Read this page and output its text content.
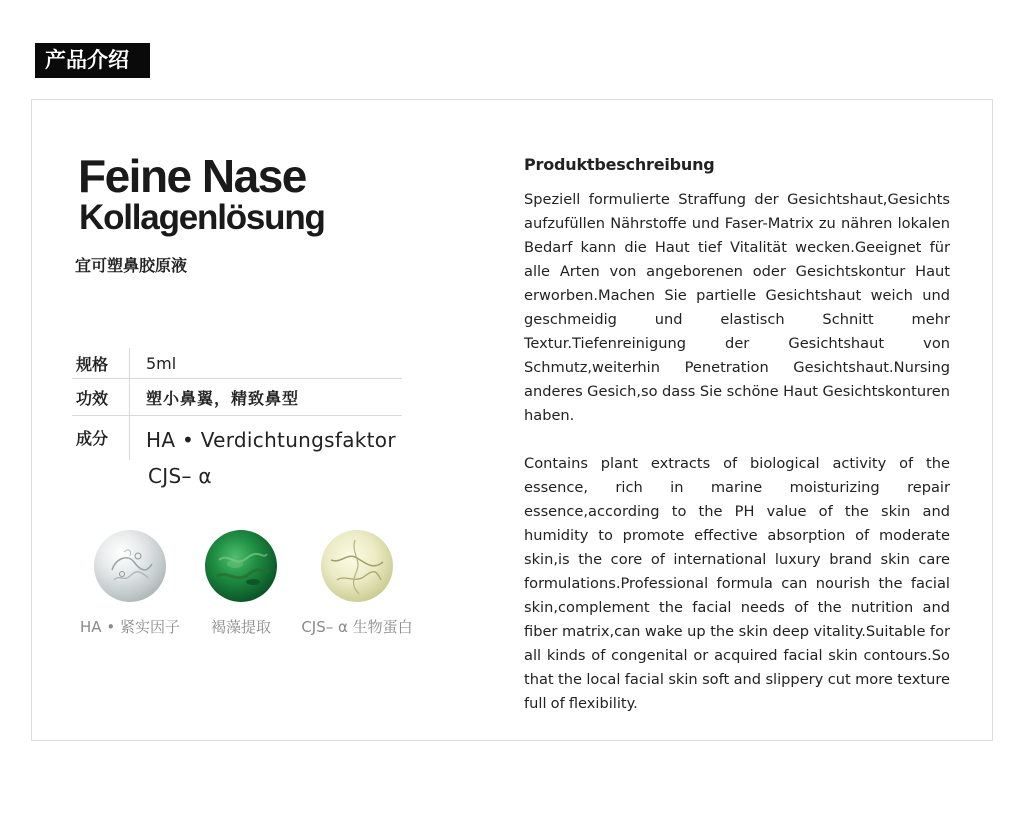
产品介绍
Feine Nase
Kollagenlösung
宜可塑鼻胶原液
规格	5ml
功效	塑小鼻翼，精致鼻型
成分	HA • Verdichtungsfaktor
CJS– α
HA • 紧实因子	褐藻提取	CJS– α 生物蛋白
Produktbeschreibung

Speziell formulierte Straffung der Gesichtshaut,Gesichts aufzufüllen Nährstoffe und Faser-Matrix zu nähren lokalen Bedarf kann die Haut tief Vitalität wecken.Geeignet für alle Arten von angeborenen oder Gesichtskontur Haut erworben.Machen Sie partielle Gesichtshaut weich und geschmeidig und elastisch Schnitt mehr Textur.Tiefenreinigung der Gesichtshaut von Schmutz,weiterhin Penetration Gesichtshaut.Nursing anderes Gesich,so dass Sie schöne Haut Gesichtskonturen haben.

Contains plant extracts of biological activity of the essence, rich in marine moisturizing repair essence,according to the PH value of the skin and humidity to promote effective absorption of moderate skin,is the core of international luxury brand skin care formulations.Professional formula can nourish the facial skin,complement the facial needs of the nutrition and fiber matrix,can wake up the skin deep vitality.Suitable for all kinds of congenital or acquired facial skin contours.So that the local facial skin soft and slippery cut more texture full of flexibility.
